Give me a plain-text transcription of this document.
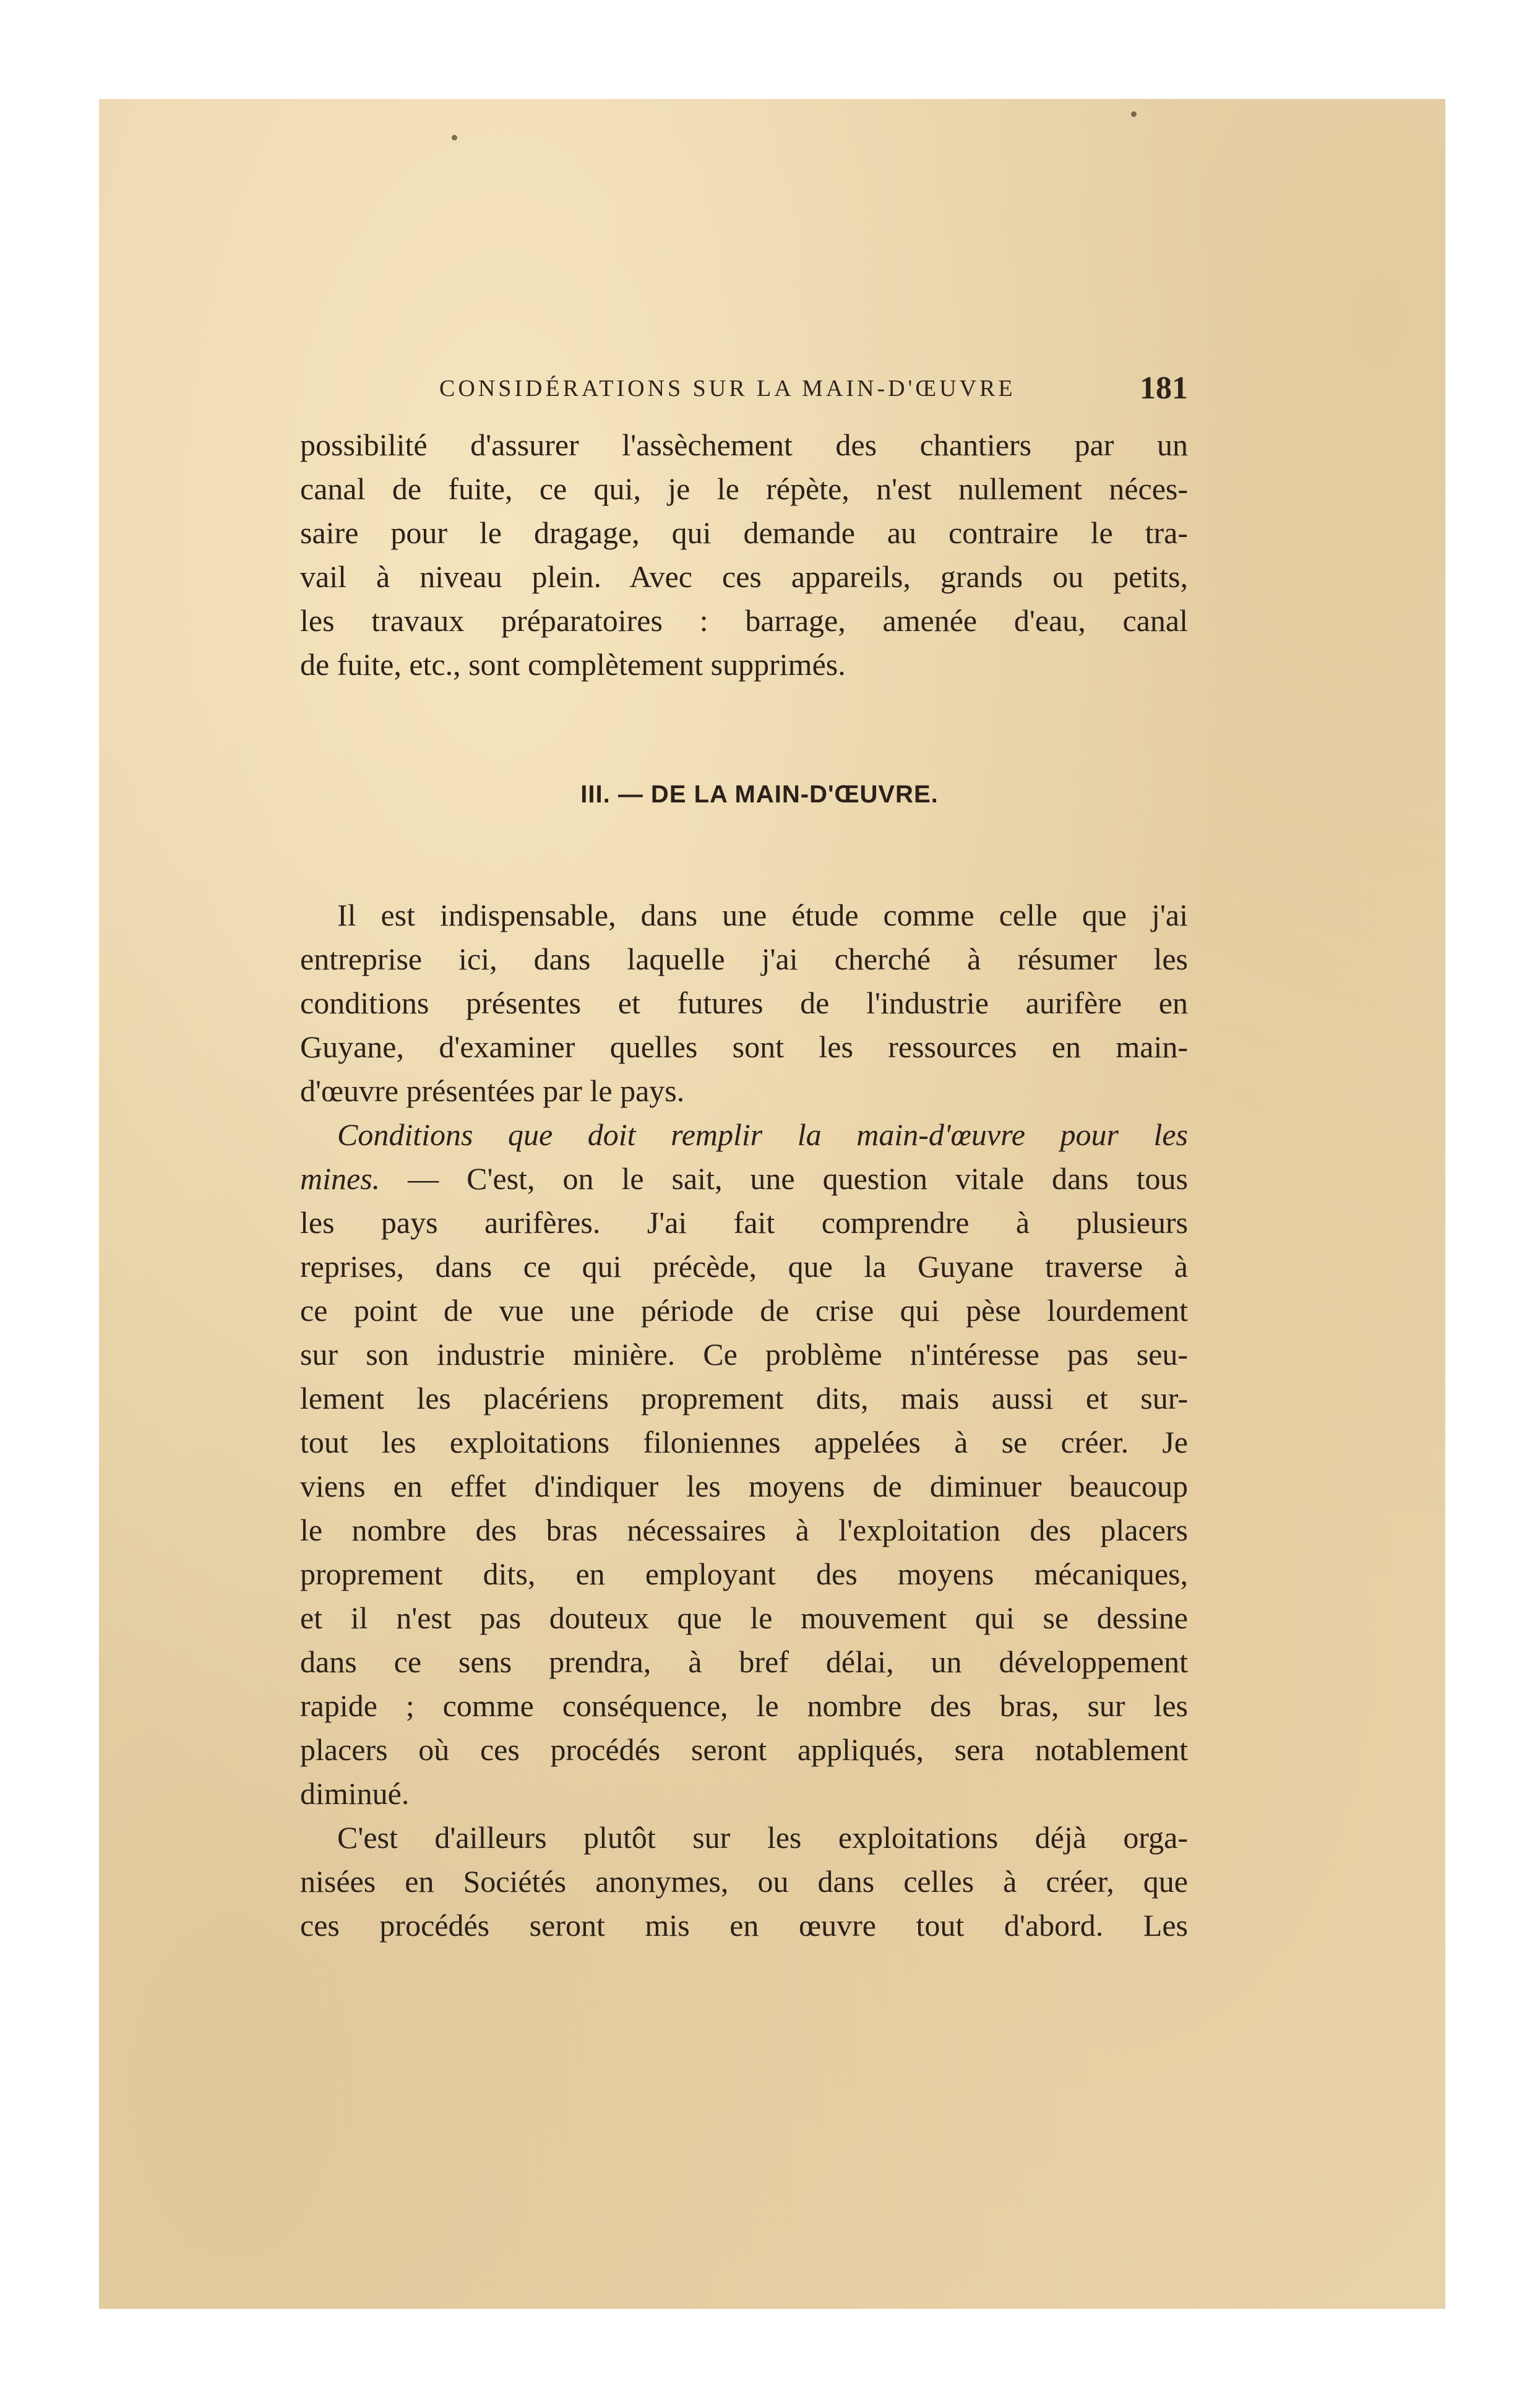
CONSIDÉRATIONS SUR LA MAIN-D'ŒUVRE	181
possibilité d'assurer l'assèchement des chantiers par un
canal de fuite, ce qui, je le répète, n'est nullement néces-
saire pour le dragage, qui demande au contraire le tra-
vail à niveau plein. Avec ces appareils, grands ou petits,
les travaux préparatoires : barrage, amenée d'eau, canal
de fuite, etc., sont complètement supprimés.
III. — DE LA MAIN-D'ŒUVRE.
Il est indispensable, dans une étude comme celle que j'ai
entreprise ici, dans laquelle j'ai cherché à résumer les
conditions présentes et futures de l'industrie aurifère en
Guyane, d'examiner quelles sont les ressources en main-
d'œuvre présentées par le pays.
Conditions que doit remplir la main-d'œuvre pour les
mines. — C'est, on le sait, une question vitale dans tous
les pays aurifères. J'ai fait comprendre à plusieurs
reprises, dans ce qui précède, que la Guyane traverse à
ce point de vue une période de crise qui pèse lourdement
sur son industrie minière. Ce problème n'intéresse pas seu-
lement les placériens proprement dits, mais aussi et sur-
tout les exploitations filoniennes appelées à se créer. Je
viens en effet d'indiquer les moyens de diminuer beaucoup
le nombre des bras nécessaires à l'exploitation des placers
proprement dits, en employant des moyens mécaniques,
et il n'est pas douteux que le mouvement qui se dessine
dans ce sens prendra, à bref délai, un développement
rapide ; comme conséquence, le nombre des bras, sur les
placers où ces procédés seront appliqués, sera notablement
diminué.
C'est d'ailleurs plutôt sur les exploitations déjà orga-
nisées en Sociétés anonymes, ou dans celles à créer, que
ces procédés seront mis en œuvre tout d'abord. Les
